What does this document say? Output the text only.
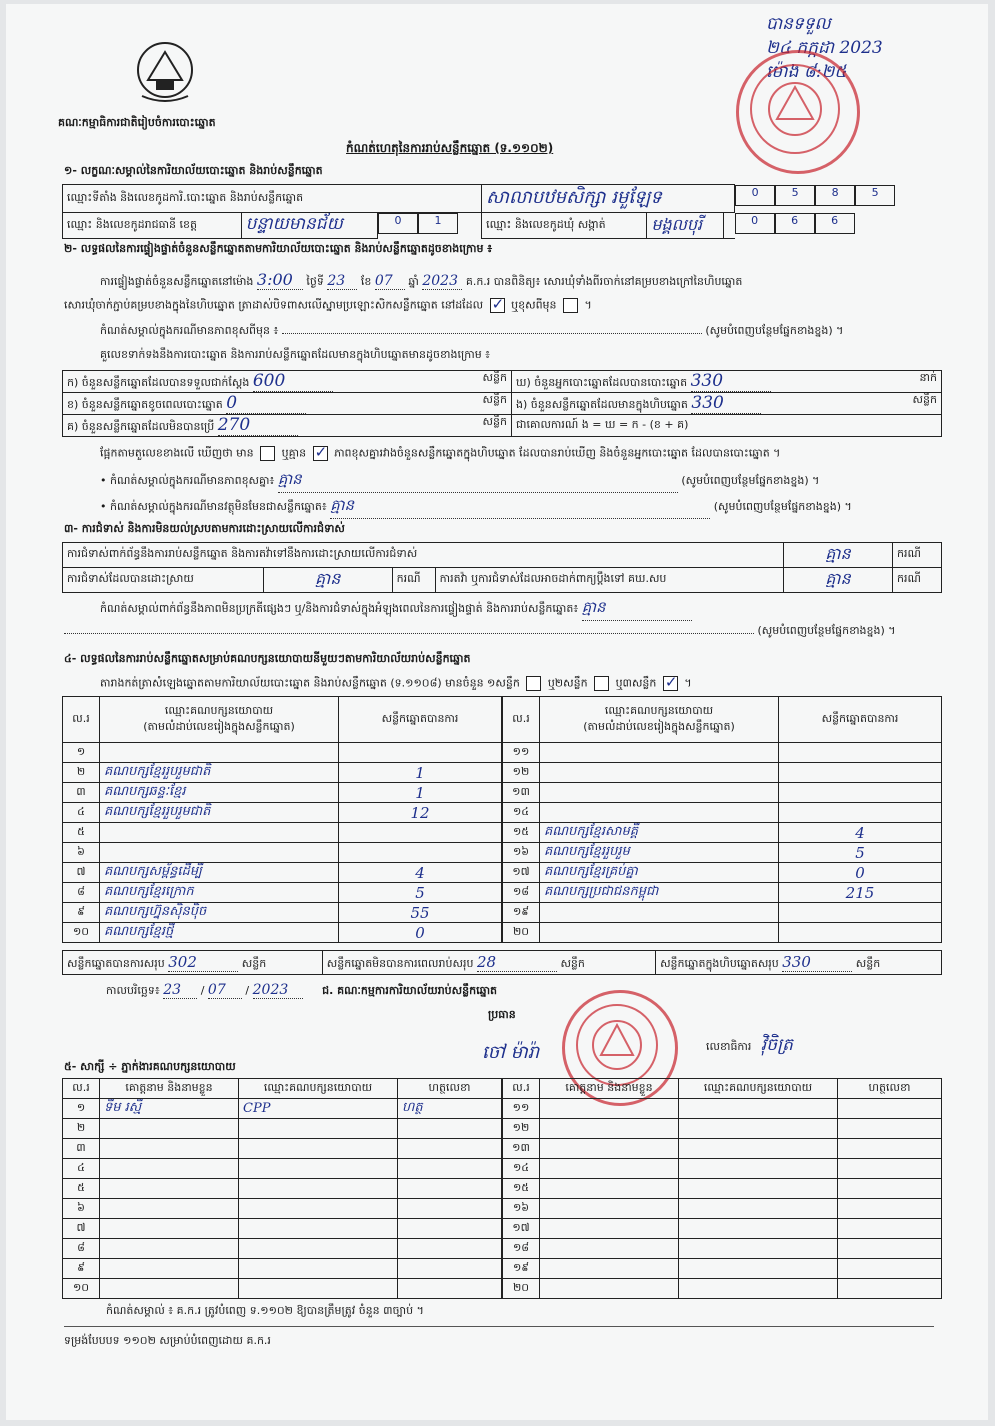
បានទទួល
២៤ កក្កដា 2023
ម៉ោង ៨:២៥
គណៈកម្មាធិការជាតិរៀបចំការបោះឆ្នោត
កំណត់ហេតុនៃការរាប់សន្លឹកឆ្នោត (ទ.១១០២)
១- លក្ខណៈសម្គាល់នៃការិយាល័យបោះឆ្នោត និងរាប់សន្លឹកឆ្នោត
ឈ្មោះទីតាំង និងលេខកូដការិ.បោះឆ្នោត និងរាប់សន្លឹកឆ្នោត		សាលាបឋមសិក្សា រមួឡែទ		0	5	8	5
ឈ្មោះ និងលេខកូដរាជធានី ខេត្ត	បន្ទាយមានជ័យ		0	1	ឈ្មោះ និងលេខកូដឃុំ សង្កាត់	មង្គលបុរី			0	6	6
២- លទ្ធផលនៃការផ្ទៀងផ្ទាត់ចំនួនសន្លឹកឆ្នោតតាមការិយាល័យបោះឆ្នោត និងរាប់សន្លឹកឆ្នោតដូចខាងក្រោម ៖
ការផ្ទៀងផ្ទាត់ចំនួនសន្លឹកឆ្នោតនៅម៉ោង 3:00 ថ្ងៃទី 23 ខែ 07 ឆ្នាំ 2023 គ.ក.រ បានពិនិត្យ៖ សោរឃុំទាំងពីរចាក់នៅគម្របខាងក្រៅនៃហិបឆ្នោត
សោរឃុំចាក់ភ្ជាប់គម្របខាងក្នុងនៃហិបឆ្នោត ត្រាដាស់បិទពាសលើស្នាមប្រឡោះសិកសន្លឹកឆ្នោត នៅដដែល ✓	ឬខុសពីមុន  ។
កំណត់សម្គាល់ក្នុងករណីមានភាពខុសពីមុន ៖	(សូមបំពេញបន្ថែមផ្នែកខាងខ្នង) ។
គួលេខទាក់ទងនឹងការបោះឆ្នោត និងការរាប់សន្លឹកឆ្នោតដែលមានក្នុងហិបឆ្នោតមានដូចខាងក្រោម ៖
ក) ចំនួនសន្លឹកឆ្នោតដែលបានទទួលជាក់ស្តែង 600 សន្លឹក	ឃ) ចំនួនអ្នកបោះឆ្នោតដែលបានបោះឆ្នោត 330 នាក់

ខ) ចំនួនសន្លឹកឆ្នោតខូចពេលបោះឆ្នោត 0 សន្លឹក	ង) ចំនួនសន្លឹកឆ្នោតដែលមានក្នុងហិបឆ្នោត 330 សន្លឹក

គ) ចំនួនសន្លឹកឆ្នោតដែលមិនបានប្រើ 270 សន្លឹក	ជាគោលការណ៍ ង = ឃ = ក - (ខ + គ)
ផ្អែកតាមតួលេខខាងលើ ឃើញថា មាន	ឬគ្មាន ✓	ភាពខុសគ្នារវាងចំនួនសន្លឹកឆ្នោតក្នុងហិបឆ្នោត ដែលបានរាប់ឃើញ និងចំនួនអ្នកបោះឆ្នោត ដែលបានបោះឆ្នោត ។
• កំណត់សម្គាល់ក្នុងករណីមានភាពខុសគ្នា៖ គ្មាន	(សូមបំពេញបន្ថែមផ្នែកខាងខ្នង) ។
• កំណត់សម្គាល់ក្នុងករណីមានវត្ថុមិនមែនជាសន្លឹកឆ្នោត៖ គ្មាន	(សូមបំពេញបន្ថែមផ្នែកខាងខ្នង) ។
៣- ការជំទាស់ និងការមិនយល់ស្របតាមការដោះស្រាយលើការជំទាស់
ការជំទាស់ពាក់ព័ន្ធនឹងការរាប់សន្លឹកឆ្នោត និងការតវ៉ាទៅនឹងការដោះស្រាយលើការជំទាស់				គ្មាន	ករណី
ការជំទាស់ដែលបានដោះស្រាយ	គ្មាន	ករណី	ការតវ៉ា ឬការជំទាស់ដែលអាចដាក់ពាក្យប្តឹងទៅ គឃ.សប	គ្មាន	ករណី
កំណត់សម្គាល់ពាក់ព័ន្ធនឹងភាពមិនប្រក្រតីផ្សេងៗ ឬ/និងការជំទាស់ក្នុងអំឡុងពេលនៃការផ្ទៀងផ្ទាត់ និងការរាប់សន្លឹកឆ្នោត៖ គ្មាន
(សូមបំពេញបន្ថែមផ្នែកខាងខ្នង) ។
៤- លទ្ធផលនៃការរាប់សន្លឹកឆ្នោតសម្រាប់គណបក្សនយោបាយនីមួយៗតាមការិយាល័យរាប់សន្លឹកឆ្នោត
តារាងកត់ត្រាសំឡេងឆ្នោតតាមការិយាល័យបោះឆ្នោត និងរាប់សន្លឹកឆ្នោត (ទ.១១០៨) មានចំនួន ១សន្លឹក	ឬ២សន្លឹក	ឬ៣សន្លឹក ✓ ។
ល.រ	ឈ្មោះគណបក្សនយោបាយ
(តាមលំដាប់លេខរៀងក្នុងសន្លឹកឆ្នោត)	សន្លឹកឆ្នោតបានការ
១		
២	គណបក្សខ្មែររួបរួមជាតិ	1
៣	គណបក្សឆន្ទៈខ្មែរ	1
៤	គណបក្សខ្មែររួបរួមជាតិ	12
៥		
៦		
៧	គណបក្សសម្ព័ន្ធដើម្បី	4
៨	គណបក្សខ្មែរក្រោក	5
៩	គណបក្សហ្វ៊ុនស៊ិនប៉ិច	55
១០	គណបក្សខ្មែរថ្មី	0
ល.រ	ឈ្មោះគណបក្សនយោបាយ
(តាមលំដាប់លេខរៀងក្នុងសន្លឹកឆ្នោត)	សន្លឹកឆ្នោតបានការ
១១		
១២		
១៣		
១៤		
១៥	គណបក្សខ្មែរសាមគ្គី	4
១៦	គណបក្សខ្មែររួបរួម	5
១៧	គណបក្សខ្មែរគ្រប់គ្នា	0
១៨	គណបក្សប្រជាជនកម្ពុជា	215
១៩		
២០		
សន្លឹកឆ្នោតបានការសរុប 302	សន្លឹក	សន្លឹកឆ្នោតមិនបានការពេលរាប់សរុប 28	សន្លឹក	សន្លឹកឆ្នោតក្នុងហិបឆ្នោតសរុប 330	សន្លឹក
កាលបរិច្ឆេទ៖ 23 / 07 / 2023	ជ. គណៈកម្មការការិយាល័យរាប់សន្លឹកឆ្នោត
ប្រធាន
ចៅ ម៉ារ៉ា	លេខាធិការ វ៉ិចិត្រ
៥- សាក្សី ÷ ភ្នាក់ងារគណបក្សនយោបាយ
ល.រ	គោត្តនាម និងនាមខ្លួន	ឈ្មោះគណបក្សនយោបាយ	ហត្ថលេខា
១	ទីម រស្មី	CPP	ហត្ថ
២			
៣			
៤			
៥			
៦			
៧			
៨			
៩			
១០			
ល.រ	គោត្តនាម និងនាមខ្លួន	ឈ្មោះគណបក្សនយោបាយ	ហត្ថលេខា
១១			
១២			
១៣			
១៤			
១៥			
១៦			
១៧			
១៨			
១៩			
២០			
កំណត់សម្គាល់ ៖ គ.ក.រ ត្រូវបំពេញ ទ.១១០២ ឱ្យបានត្រឹមត្រូវ ចំនួន ៣ច្បាប់ ។
ទម្រង់បែបបទ ១១០២ សម្រាប់បំពេញដោយ គ.ក.រ
